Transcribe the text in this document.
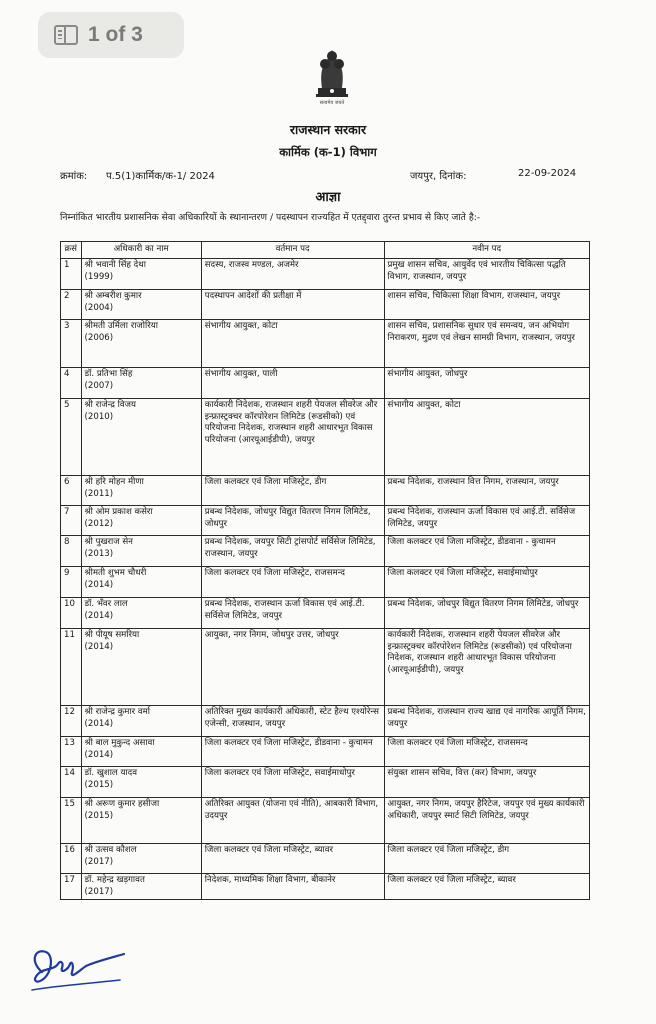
1 of 3
सत्यमेव जयते
राजस्थान सरकार
कार्मिक (क-1) विभाग
क्रमांक: प.5(1)कार्मिक/क-1/ 2024	जयपुर, दिनांक:	22-09-2024
आज्ञा
निम्नांकित भारतीय प्रशासनिक सेवा अधिकारियों के स्थानान्तरण / पदस्थापन राज्यहित में एतद्द्वारा तुरन्त प्रभाव से किए जाते है:-
क्रसं	अधिकारी का नाम	वर्तमान पद	नवीन पद
1	श्री भवानी सिंह देथा
(1999)	सदस्य, राजस्व मण्डल, अजमेर	प्रमुख शासन सचिव, आयुर्वेद एवं भारतीय चिकित्सा पद्धति विभाग, राजस्थान, जयपुर
2	श्री अम्बरीश कुमार
(2004)	पदस्थापन आदेशों की प्रतीक्षा में	शासन सचिव, चिकित्सा शिक्षा विभाग, राजस्थान, जयपुर
3	श्रीमती उर्मिला राजोरिया
(2006)	संभागीय आयुक्त, कोटा	शासन सचिव, प्रशासनिक सुधार एवं समन्वय, जन अभियोग निराकरण, मुद्रण एवं लेखन सामग्री विभाग, राजस्थान, जयपुर
4	डॉ. प्रतिभा सिंह
(2007)	संभागीय आयुक्त, पाली	संभागीय आयुक्त, जोधपुर
5	श्री राजेन्द्र विजय
(2010)	कार्यकारी निदेशक, राजस्थान शहरी पेयजल सीवरेज और इन्फ्रास्ट्रक्चर कॉरपोरेशन लिमिटेड (रूडसीको) एवं परियोजना निदेशक, राजस्थान शहरी आधारभूत विकास परियोजना (आरयूआईडीपी), जयपुर	संभागीय आयुक्त, कोटा
6	श्री हरि मोहन मीणा
(2011)	जिला कलक्टर एवं जिला मजिस्ट्रेट, डीग	प्रबन्ध निदेशक, राजस्थान वित्त निगम, राजस्थान, जयपुर
7	श्री ओम प्रकाश कसेरा
(2012)	प्रबन्ध निदेशक, जोधपुर विद्युत वितरण निगम लिमिटेड, जोधपुर	प्रबन्ध निदेशक, राजस्थान ऊर्जा विकास एवं आई.टी. सर्विसेज लिमिटेड, जयपुर
8	श्री पुखराज सेन
(2013)	प्रबन्ध निदेशक, जयपुर सिटी ट्रांसपोर्ट सर्विसेज लिमिटेड, राजस्थान, जयपुर	जिला कलक्टर एवं जिला मजिस्ट्रेट, डीडवाना - कुचामन
9	श्रीमती शुभम चौधरी
(2014)	जिला कलक्टर एवं जिला मजिस्ट्रेट, राजसमन्द	जिला कलक्टर एवं जिला मजिस्ट्रेट, सवाईमाधोपुर
10	डॉ. भँवर लाल
(2014)	प्रबन्ध निदेशक, राजस्थान ऊर्जा विकास एवं आई.टी. सर्विसेज लिमिटेड, जयपुर	प्रबन्ध निदेशक, जोधपुर विद्युत वितरण निगम लिमिटेड, जोधपुर
11	श्री पीयूष समरिया
(2014)	आयुक्त, नगर निगम, जोधपुर उत्तर, जोधपुर	कार्यकारी निदेशक, राजस्थान शहरी पेयजल सीवरेज और इन्फ्रास्ट्रक्चर कॉरपोरेशन लिमिटेड (रूडसीको) एवं परियोजना निदेशक, राजस्थान शहरी आधारभूत विकास परियोजना (आरयूआईडीपी), जयपुर
12	श्री राजेन्द्र कुमार वर्मा
(2014)	अतिरिक्त मुख्य कार्यकारी अधिकारी, स्टेट हैल्थ एश्योरेन्स एजेन्सी, राजस्थान, जयपुर	प्रबन्ध निदेशक, राजस्थान राज्य खाद्य एवं नागरिक आपूर्ति निगम, जयपुर
13	श्री बाल मुकुन्द असावा
(2014)	जिला कलक्टर एवं जिला मजिस्ट्रेट, डीडवाना - कुचामन	जिला कलक्टर एवं जिला मजिस्ट्रेट, राजसमन्द
14	डॉ. खुशाल यादव
(2015)	जिला कलक्टर एवं जिला मजिस्ट्रेट, सवाईमाधोपुर	संयुक्त शासन सचिव, वित्त (कर) विभाग, जयपुर
15	श्री अरूण कुमार हसीजा
(2015)	अतिरिक्त आयुक्त (योजना एवं नीति), आबकारी विभाग, उदयपुर	आयुक्त, नगर निगम, जयपुर हैरिटेज, जयपुर एवं मुख्य कार्यकारी अधिकारी, जयपुर स्मार्ट सिटी लिमिटेड, जयपुर
16	श्री उत्सव कौशल
(2017)	जिला कलक्टर एवं जिला मजिस्ट्रेट, ब्यावर	जिला कलक्टर एवं जिला मजिस्ट्रेट, डीग
17	डॉ. महेन्द्र खड़गावत
(2017)	निदेशक, माध्यमिक शिक्षा विभाग, बीकानेर	जिला कलक्टर एवं जिला मजिस्ट्रेट, ब्यावर
